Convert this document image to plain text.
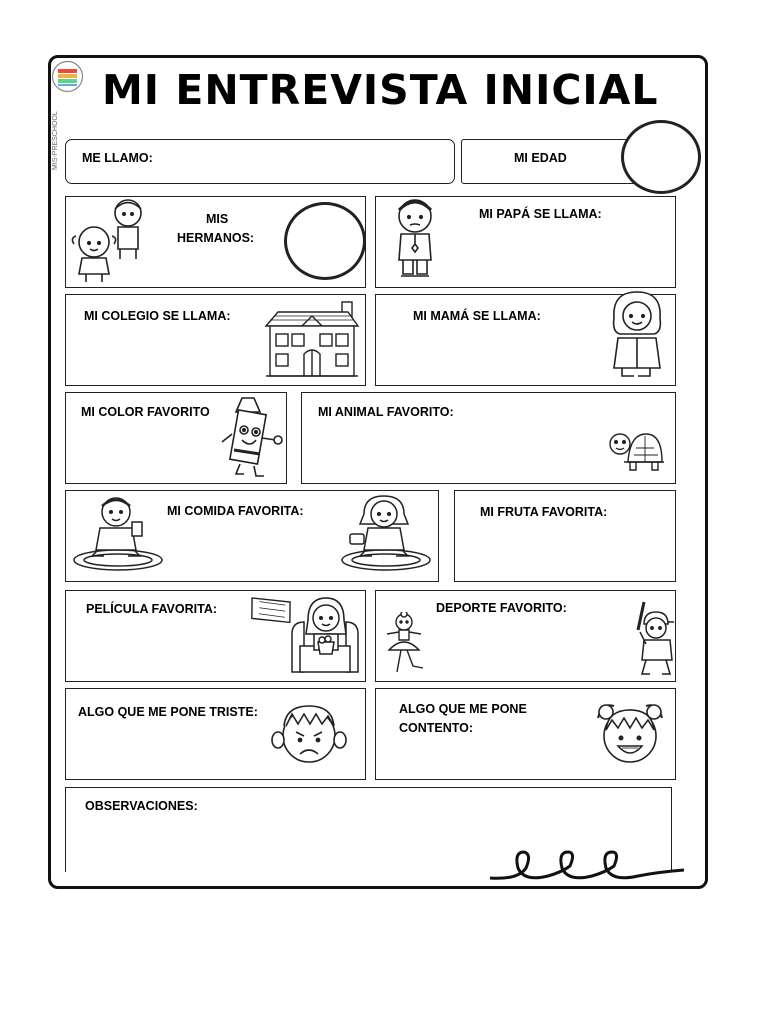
MIS-PRESCHOOL
MI ENTREVISTA INICIAL
ME LLAMO:	MI EDAD
MIS
HERMANOS:
MI PAPÁ SE LLAMA:
MI COLEGIO SE LLAMA:	MI MAMÁ SE LLAMA:
MI COLOR FAVORITO	MI ANIMAL FAVORITO:
MI COMIDA FAVORITA:	MI FRUTA FAVORITA:
PELÍCULA FAVORITA:	DEPORTE FAVORITO:
ALGO QUE ME PONE TRISTE:	ALGO QUE ME PONE
CONTENTO:
OBSERVACIONES:
